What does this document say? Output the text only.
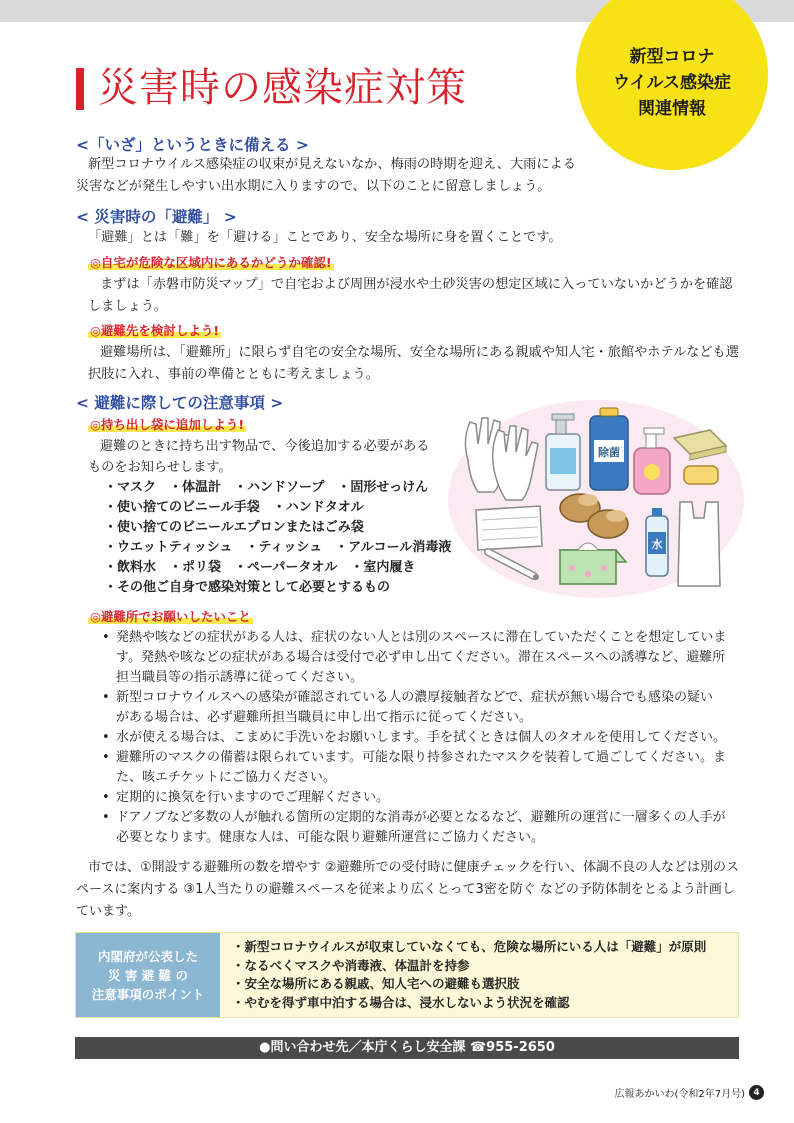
新型コロナ
ウイルス感染症
関連情報
災害時の感染症対策
<「いざ」というときに備える >
新型コロナウイルス感染症の収束が見えないなか、梅雨の時期を迎え、大雨による
災害などが発生しやすい出水期に入りますので、以下のことに留意しましょう。
< 災害時の「避難」 >
「避難」とは「難」を「避ける」ことであり、安全な場所に身を置くことです。
◎自宅が危険な区域内にあるかどうか確認!
まずは「赤磐市防災マップ」で自宅および周囲が浸水や土砂災害の想定区域に入っていないかどうかを確認
しましょう。
◎避難先を検討しよう!
避難場所は、「避難所」に限らず自宅の安全な場所、安全な場所にある親戚や知人宅・旅館やホテルなども選
択肢に入れ、事前の準備とともに考えましょう。
< 避難に際しての注意事項 >
◎持ち出し袋に追加しよう!
避難のときに持ち出す物品で、今後追加する必要がある
ものをお知らせします。
・マスク　・体温計　・ハンドソープ　・固形せっけん
・使い捨てのビニール手袋　・ハンドタオル
・使い捨てのビニールエプロンまたはごみ袋
・ウエットティッシュ　・ティッシュ　・アルコール消毒液
・飲料水　・ポリ袋　・ペーパータオル　・室内履き
・その他ご自身で感染対策として必要とするもの
除菌
水
◎避難所でお願いしたいこと
• 発熱や咳などの症状がある人は、症状のない人とは別のスペースに滞在していただくことを想定していま
す。発熱や咳などの症状がある場合は受付で必ず申し出てください。滞在スペースへの誘導など、避難所
担当職員等の指示誘導に従ってください。
• 新型コロナウイルスへの感染が確認されている人の濃厚接触者などで、症状が無い場合でも感染の疑い
がある場合は、必ず避難所担当職員に申し出て指示に従ってください。
• 水が使える場合は、こまめに手洗いをお願いします。手を拭くときは個人のタオルを使用してください。
• 避難所のマスクの備蓄は限られています。可能な限り持参されたマスクを装着して過ごしてください。ま
た、咳エチケットにご協力ください。
• 定期的に換気を行いますのでご理解ください。
• ドアノブなど多数の人が触れる箇所の定期的な消毒が必要となるなど、避難所の運営に一層多くの人手が
必要となります。健康な人は、可能な限り避難所運営にご協力ください。
市では、①開設する避難所の数を増やす ②避難所での受付時に健康チェックを行い、体調不良の人などは別のス
ペースに案内する ③1人当たりの避難スペースを従来より広くとって3密を防ぐ などの予防体制をとるよう計画し
ています。
内閣府が公表した
災 害 避 難 の
注意事項のポイント
・新型コロナウイルスが収束していなくても、危険な場所にいる人は「避難」が原則
・なるべくマスクや消毒液、体温計を持参
・安全な場所にある親戚、知人宅への避難も選択肢
・やむを得ず車中泊する場合は、浸水しないよう状況を確認
●問い合わせ先／本庁くらし安全課 ☎955-2650
広報あかいわ(令和2年7月号) 4
